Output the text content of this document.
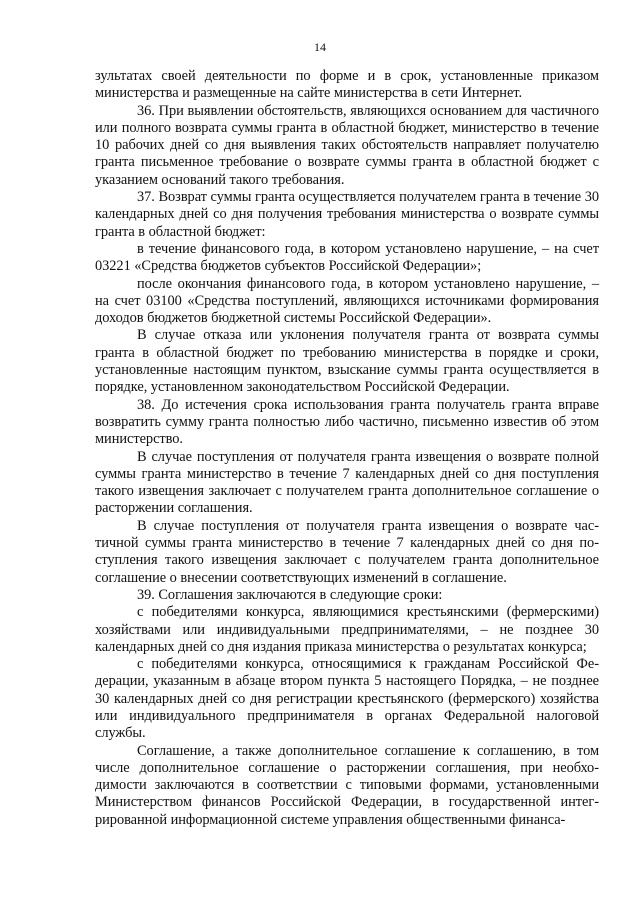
14

зультатах своей деятельности по форме и в срок, установленные приказом министерства и размещенные на сайте министерства в сети Интернет.

36. При выявлении обстоятельств, являющихся основанием для частичного или полного возврата суммы гранта в областной бюджет, министерство в течение 10 рабочих дней со дня выявления таких обстоятельств направляет получателю гранта письменное требование о возврате суммы гранта в областной бюджет с указанием оснований такого требования.

37. Возврат суммы гранта осуществляется получателем гранта в течение 30 календарных дней со дня получения требования министерства о возврате суммы гранта в областной бюджет:

в течение финансового года, в котором установлено нарушение, – на счет 03221 «Средства бюджетов субъектов Российской Федерации»;

после окончания финансового года, в котором установлено нарушение, – на счет 03100 «Средства поступлений, являющихся источниками формирования доходов бюджетов бюджетной системы Российской Федерации».

В случае отказа или уклонения получателя гранта от возврата суммы гранта в областной бюджет по требованию министерства в порядке и сроки, установленные настоящим пунктом, взыскание суммы гранта осуществляется в порядке, установленном законодательством Российской Федерации.

38. До истечения срока использования гранта получатель гранта вправе возвратить сумму гранта полностью либо частично, письменно известив об этом министерство.

В случае поступления от получателя гранта извещения о возврате полной суммы гранта министерство в течение 7 календарных дней со дня поступления такого извещения заключает с получателем гранта дополнительное соглашение о расторжении соглашения.

В случае поступления от получателя гранта извещения о возврате частичной суммы гранта министерство в течение 7 календарных дней со дня поступления такого извещения заключает с получателем гранта дополнительное соглашение о внесении соответствующих изменений в соглашение.

39. Соглашения заключаются в следующие сроки:

с победителями конкурса, являющимися крестьянскими (фермерскими) хозяйствами или индивидуальными предпринимателями, – не позднее 30 календарных дней со дня издания приказа министерства о результатах конкурса;

с победителями конкурса, относящимися к гражданам Российской Федерации, указанным в абзаце втором пункта 5 настоящего Порядка, – не позднее 30 календарных дней со дня регистрации крестьянского (фермерского) хозяйства или индивидуального предпринимателя в органах Федеральной налоговой службы.

Соглашение, а также дополнительное соглашение к соглашению, в том числе дополнительное соглашение о расторжении соглашения, при необходимости заключаются в соответствии с типовыми формами, установленными Министерством финансов Российской Федерации, в государственной интегрированной информационной системе управления общественными финанса-
